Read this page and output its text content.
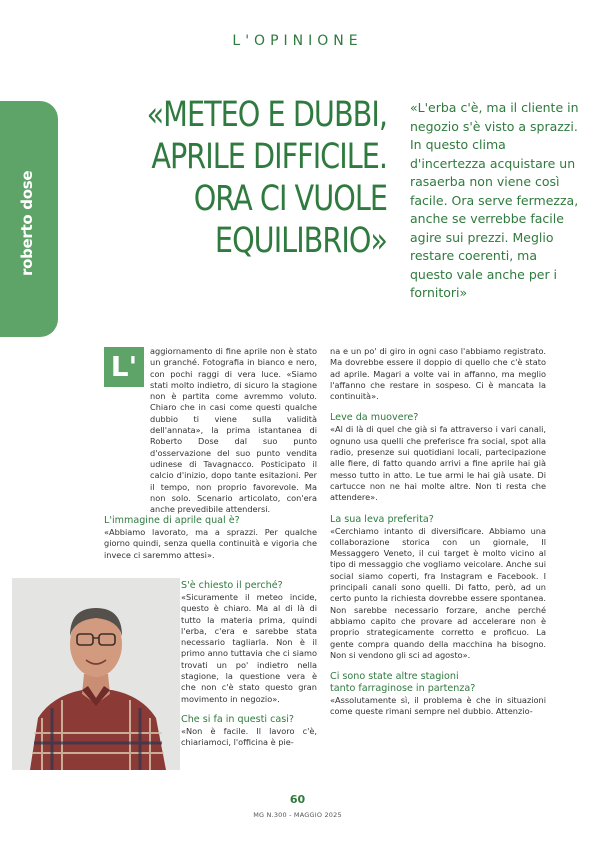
L'OPINIONE
roberto dose
«METEO E DUBBI,
APRILE DIFFICILE.
ORA CI VUOLE
EQUILIBRIO»

«L'erba c'è, ma il cliente in negozio s'è visto a sprazzi. In questo clima d'incertezza acquistare un rasaerba non viene così facile. Ora serve fermezza, anche se verrebbe facile agire sui prezzi. Meglio restare coerenti, ma questo vale anche per i fornitori»

L'	aggiornamento di fine aprile non è stato un granché. Fotografia in bianco e nero, con pochi raggi di vera luce. «Siamo stati molto indietro, di sicuro la stagione non è partita come avremmo voluto. Chiaro che in casi come questi qualche dubbio ti viene sulla validità dell'annata», la prima istantanea di Roberto Dose dal suo punto d'osservazione del suo punto vendita udinese di Tavagnacco. Posticipato il calcio d'inizio, dopo tante esitazioni. Per il tempo, non proprio favorevole. Ma non solo. Scenario articolato, con'era anche prevedibile attendersi.

L'immagine di aprile qual è?

«Abbiamo lavorato, ma a sprazzi. Per qualche giorno quindi, senza quella continuità e vigoria che invece ci saremmo attesi».

S'è chiesto il perché?

«Sicuramente il meteo incide, questo è chiaro. Ma al di là di tutto la materia prima, quindi l'erba, c'era e sarebbe stata necessario tagliarla. Non è il primo anno tuttavia che ci siamo trovati un po' indietro nella stagione, la questione vera è che non c'è stato questo gran movimento in negozio».

Che si fa in questi casi?

«Non è facile. Il lavoro c'è, chiariamoci, l'officina è pie-

na e un po' di giro in ogni caso l'abbiamo registrato. Ma dovrebbe essere il doppio di quello che c'è stato ad aprile. Magari a volte vai in affanno, ma meglio l'affanno che restare in sospeso. Ci è mancata la continuità».

Leve da muovere?

«Al di là di quel che già si fa attraverso i vari canali, ognuno usa quelli che preferisce fra social, spot alla radio, presenze sui quotidiani locali, partecipazione alle fiere, di fatto quando arrivi a fine aprile hai già messo tutto in atto. Le tue armi le hai già usate. Di cartucce non ne hai molte altre. Non ti resta che attendere».

La sua leva preferita?

«Cerchiamo intanto di diversificare. Abbiamo una collaborazione storica con un giornale, Il Messaggero Veneto, il cui target è molto vicino al tipo di messaggio che vogliamo veicolare. Anche sui social siamo coperti, fra Instagram e Facebook. I principali canali sono quelli. Di fatto, però, ad un certo punto la richiesta dovrebbe essere spontanea. Non sarebbe necessario forzare, anche perché abbiamo capito che provare ad accelerare non è proprio strategicamente corretto e proficuo. La gente compra quando della macchina ha bisogno. Non si vendono gli sci ad agosto».

Ci sono state altre stagioni
tanto farraginose in partenza?

«Assolutamente sì, il problema è che in situazioni come queste rimani sempre nel dubbio. Attenzio-

60
MG N.300 - MAGGIO 2025
